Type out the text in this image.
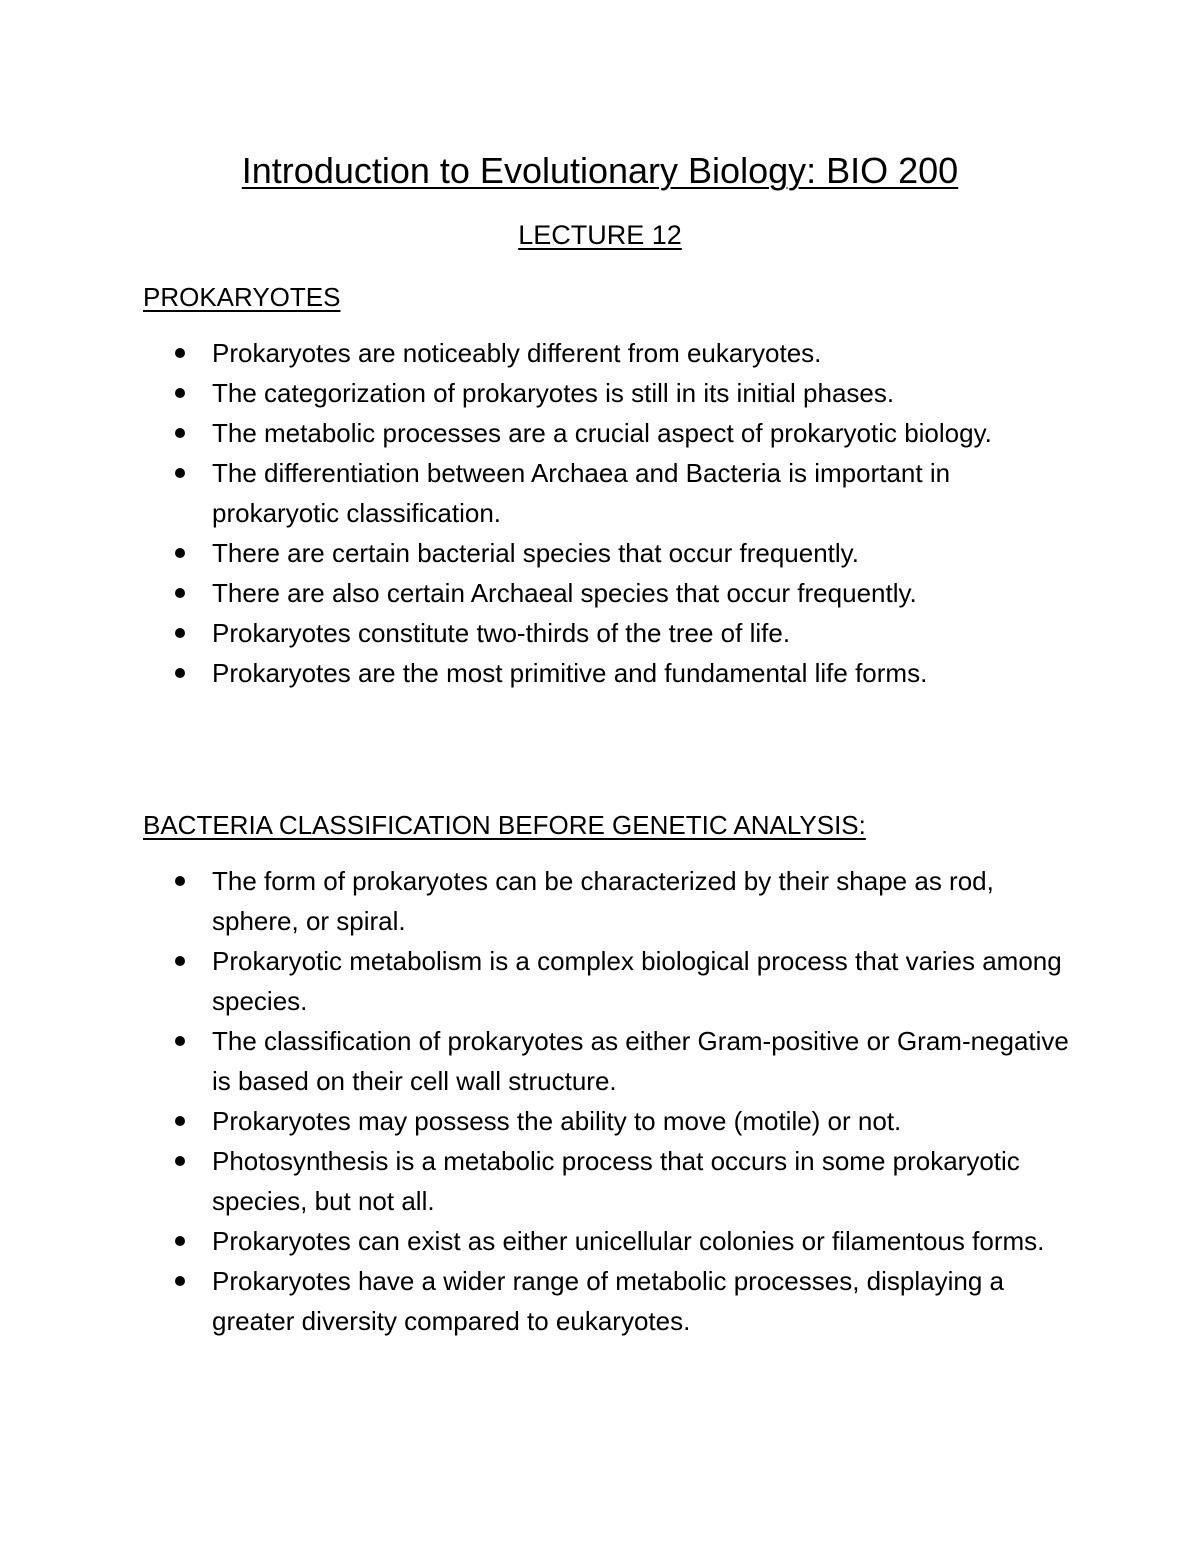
Introduction to Evolutionary Biology: BIO 200
LECTURE 12
PROKARYOTES
Prokaryotes are noticeably different from eukaryotes.
The categorization of prokaryotes is still in its initial phases.
The metabolic processes are a crucial aspect of prokaryotic biology.
The differentiation between Archaea and Bacteria is important in prokaryotic classification.
There are certain bacterial species that occur frequently.
There are also certain Archaeal species that occur frequently.
Prokaryotes constitute two-thirds of the tree of life.
Prokaryotes are the most primitive and fundamental life forms.
BACTERIA CLASSIFICATION BEFORE GENETIC ANALYSIS:
The form of prokaryotes can be characterized by their shape as rod, sphere, or spiral.
Prokaryotic metabolism is a complex biological process that varies among species.
The classification of prokaryotes as either Gram-positive or Gram-negative is based on their cell wall structure.
Prokaryotes may possess the ability to move (motile) or not.
Photosynthesis is a metabolic process that occurs in some prokaryotic species, but not all.
Prokaryotes can exist as either unicellular colonies or filamentous forms.
Prokaryotes have a wider range of metabolic processes, displaying a greater diversity compared to eukaryotes.
